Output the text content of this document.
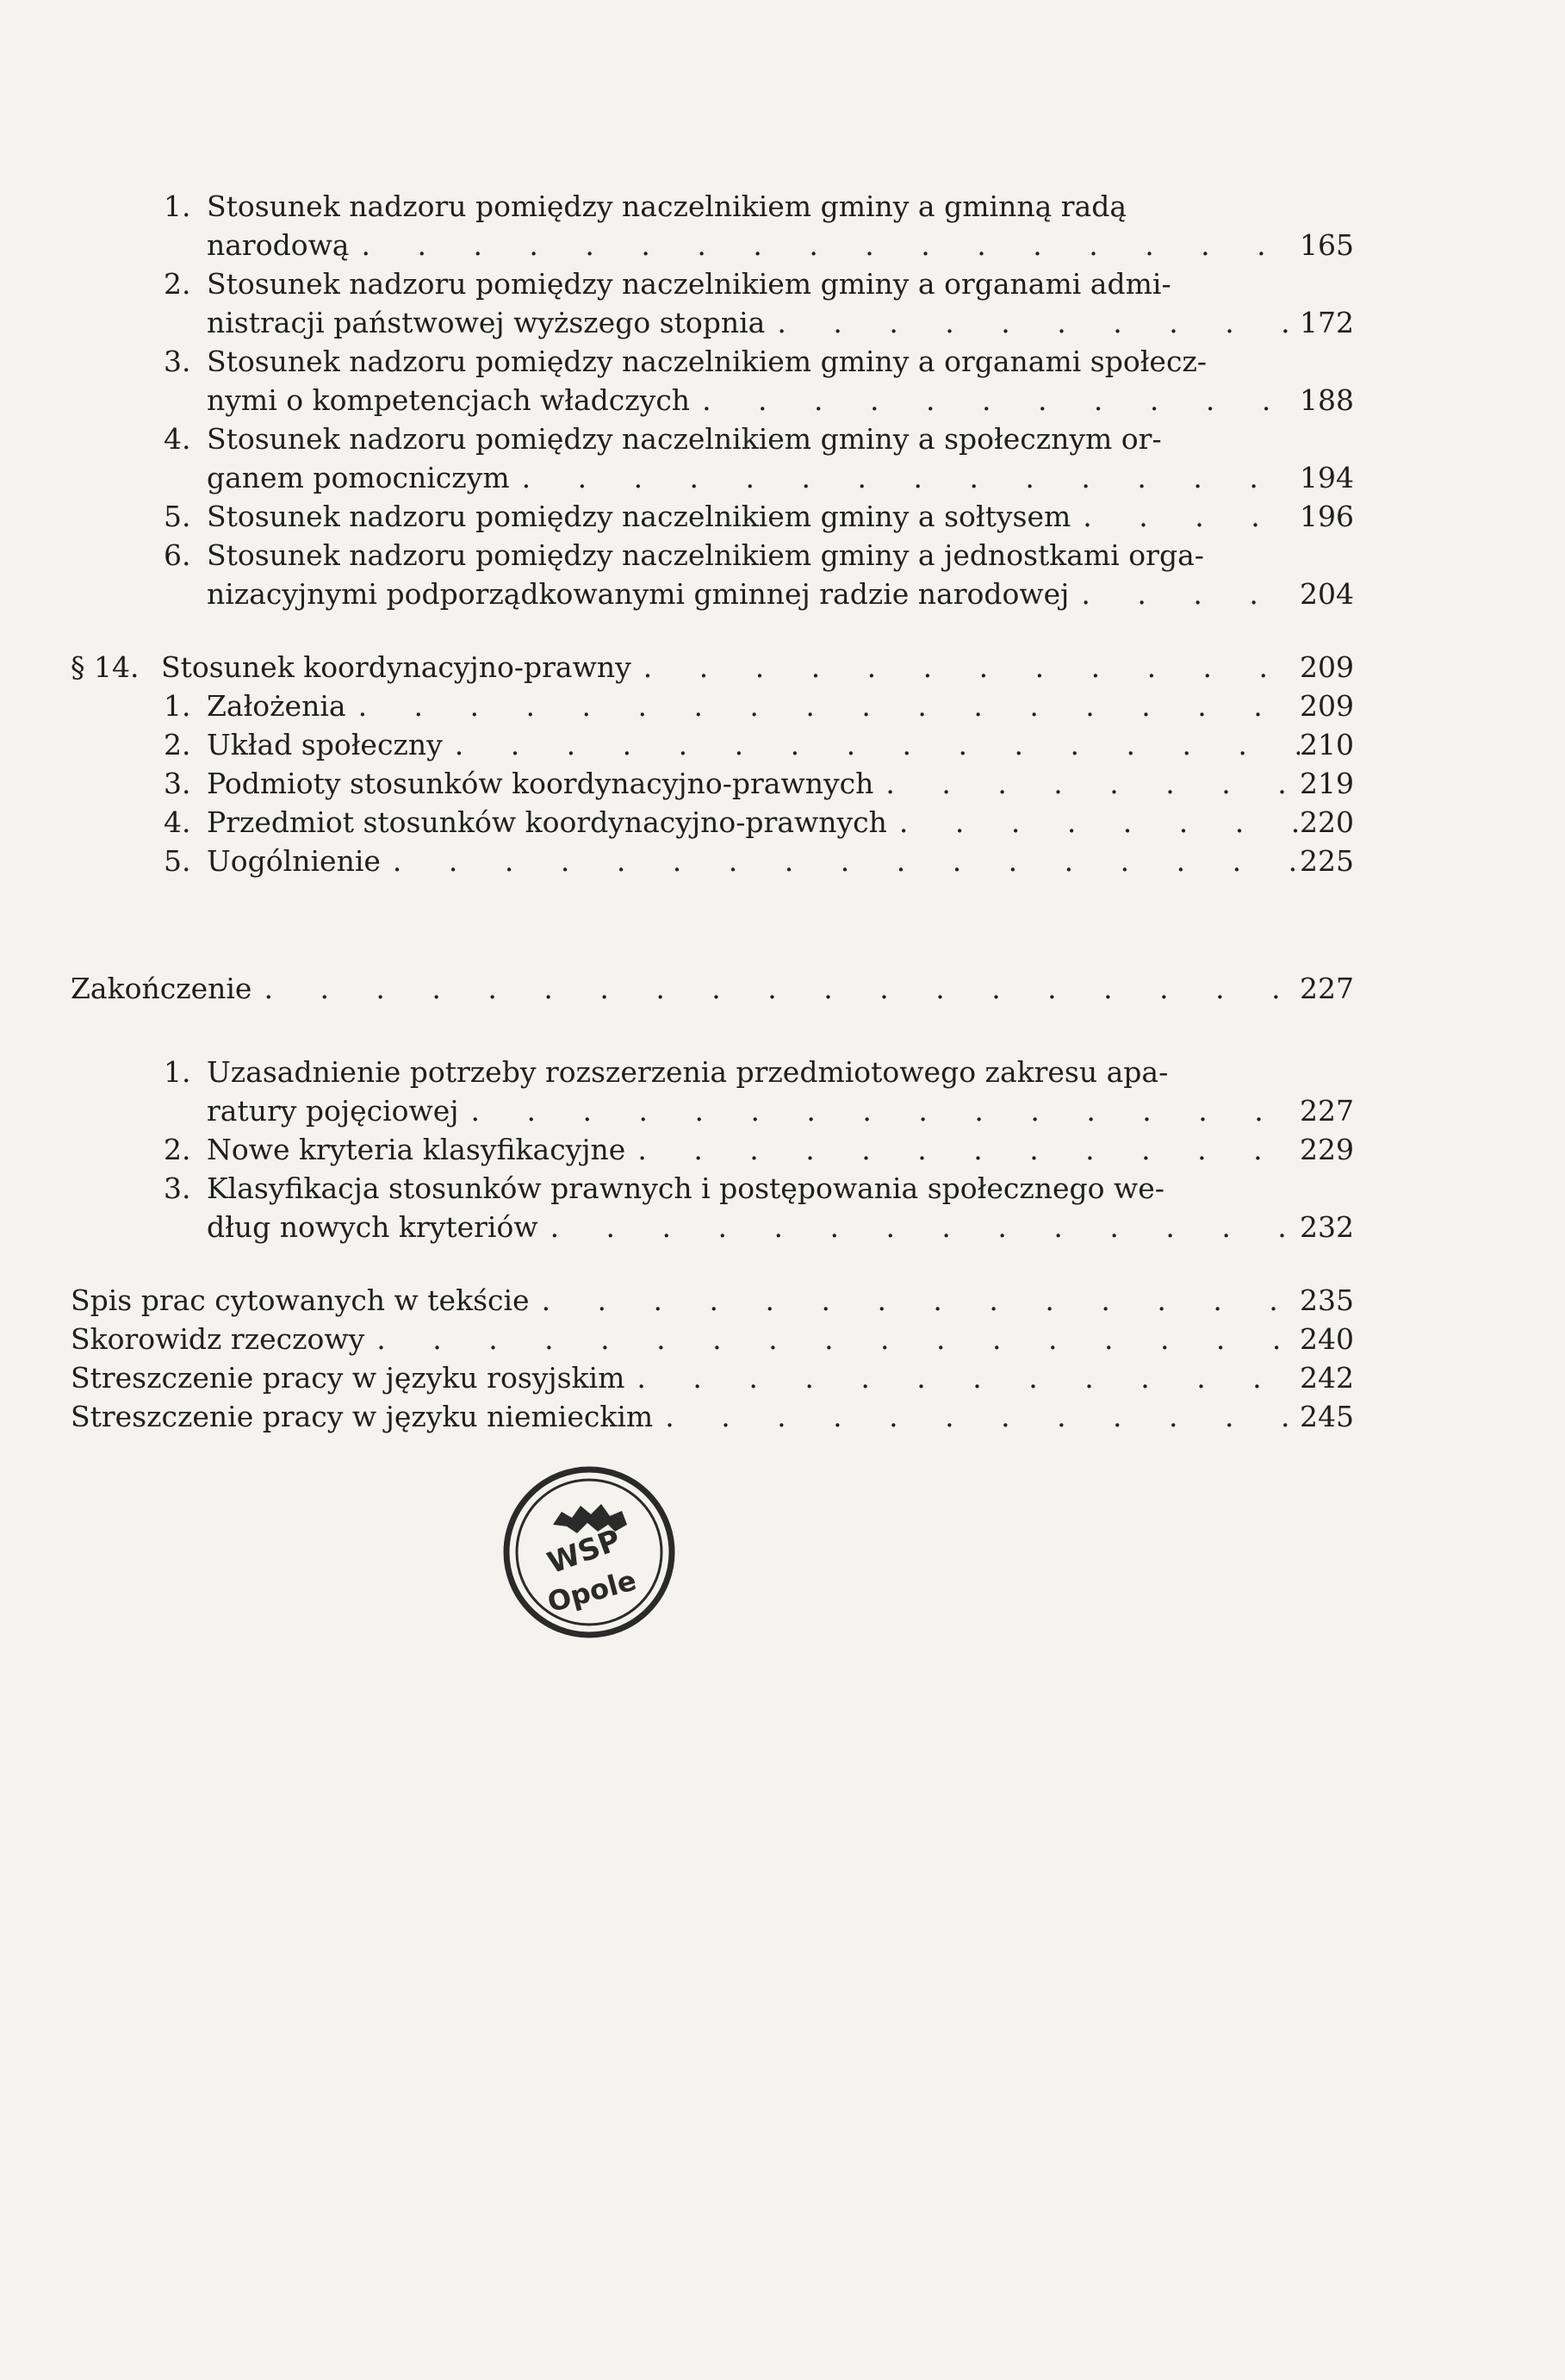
1. Stosunek nadzoru pomiędzy naczelnikiem gminy a gminną radą
narodową . . .	165
2. Stosunek nadzoru pomiędzy naczelnikiem gminy a organami admi-
nistracji państwowej wyższego stopnia . . .	172
3. Stosunek nadzoru pomiędzy naczelnikiem gminy a organami społecz-
nymi o kompetencjach władczych . . .	188
4. Stosunek nadzoru pomiędzy naczelnikiem gminy a społecznym or-
ganem pomocniczym . . .	194
5. Stosunek nadzoru pomiędzy naczelnikiem gminy a sołtysem . . .	196
6. Stosunek nadzoru pomiędzy naczelnikiem gminy a jednostkami orga-
nizacyjnymi podporządkowanymi gminnej radzie narodowej . . .	204
§ 14. Stosunek koordynacyjno-prawny . . .	209
1. Założenia . . .	209
2. Układ społeczny . . .	210
3. Podmioty stosunków koordynacyjno-prawnych . . .	219
4. Przedmiot stosunków koordynacyjno-prawnych . . .	220
5. Uogólnienie . . .	225
Zakończenie . . .	227
1. Uzasadnienie potrzeby rozszerzenia przedmiotowego zakresu apa-
ratury pojęciowej . . .	227
2. Nowe kryteria klasyfikacyjne . . .	229
3. Klasyfikacja stosunków prawnych i postępowania społecznego we-
dług nowych kryteriów . . .	232
Spis prac cytowanych w tekście . . .	235
Skorowidz rzeczowy . . .	240
Streszczenie pracy w języku rosyjskim . . .	242
Streszczenie pracy w języku niemieckim . . .	245
WSP
Opole
